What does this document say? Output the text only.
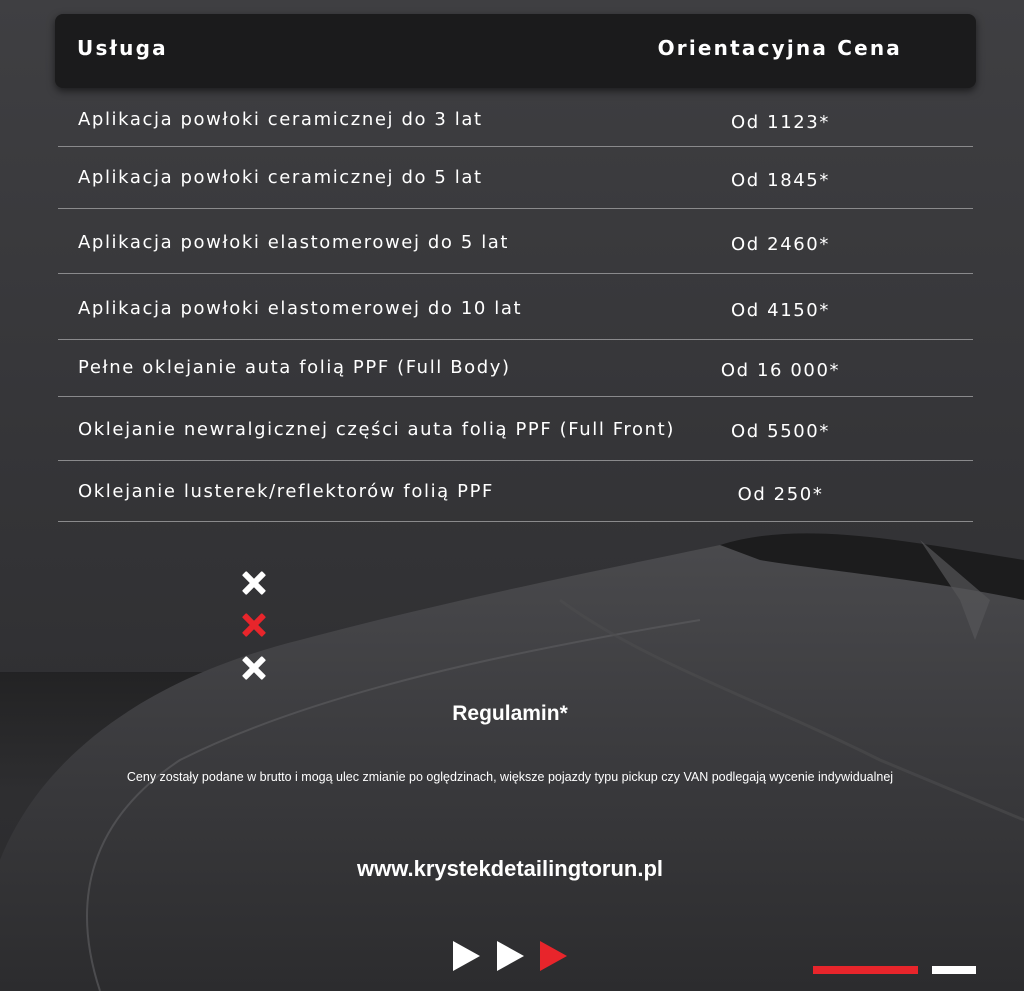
Usługa	Orientacyjna Cena
Aplikacja powłoki ceramicznej do 3 lat	Od 1123*
Aplikacja powłoki ceramicznej do 5 lat	Od 1845*
Aplikacja powłoki elastomerowej do 5 lat	Od 2460*
Aplikacja powłoki elastomerowej do 10 lat	Od 4150*
Pełne oklejanie auta folią PPF (Full Body)	Od 16 000*
Oklejanie newralgicznej części auta folią PPF (Full Front)	Od 5500*
Oklejanie lusterek/reflektorów folią PPF	Od 250*
Regulamin*
Ceny zostały podane w brutto i mogą ulec zmianie po oględzinach, większe pojazdy typu pickup czy VAN podlegają wycenie indywidualnej
www.krystekdetailingtorun.pl
